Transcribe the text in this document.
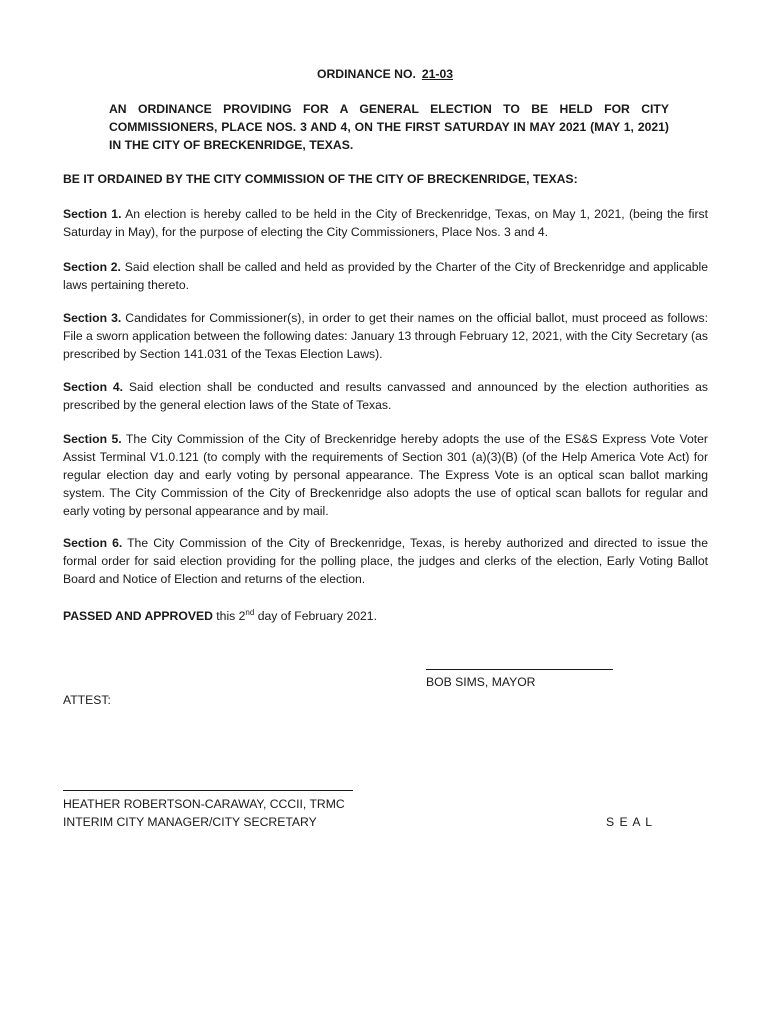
ORDINANCE NO. 21-03
AN ORDINANCE PROVIDING FOR A GENERAL ELECTION TO BE HELD FOR CITY COMMISSIONERS, PLACE NOS. 3 AND 4, ON THE FIRST SATURDAY IN MAY 2021 (MAY 1, 2021) IN THE CITY OF BRECKENRIDGE, TEXAS.
BE IT ORDAINED BY THE CITY COMMISSION OF THE CITY OF BRECKENRIDGE, TEXAS:
Section 1. An election is hereby called to be held in the City of Breckenridge, Texas, on May 1, 2021, (being the first Saturday in May), for the purpose of electing the City Commissioners, Place Nos. 3 and 4.
Section 2. Said election shall be called and held as provided by the Charter of the City of Breckenridge and applicable laws pertaining thereto.
Section 3. Candidates for Commissioner(s), in order to get their names on the official ballot, must proceed as follows: File a sworn application between the following dates: January 13 through February 12, 2021, with the City Secretary (as prescribed by Section 141.031 of the Texas Election Laws).
Section 4. Said election shall be conducted and results canvassed and announced by the election authorities as prescribed by the general election laws of the State of Texas.
Section 5. The City Commission of the City of Breckenridge hereby adopts the use of the ES&S Express Vote Voter Assist Terminal V1.0.121 (to comply with the requirements of Section 301 (a)(3)(B) (of the Help America Vote Act) for regular election day and early voting by personal appearance. The Express Vote is an optical scan ballot marking system. The City Commission of the City of Breckenridge also adopts the use of optical scan ballots for regular and early voting by personal appearance and by mail.
Section 6. The City Commission of the City of Breckenridge, Texas, is hereby authorized and directed to issue the formal order for said election providing for the polling place, the judges and clerks of the election, Early Voting Ballot Board and Notice of Election and returns of the election.
PASSED AND APPROVED this 2nd day of February 2021.
BOB SIMS, MAYOR
ATTEST:
HEATHER ROBERTSON-CARAWAY, CCCII, TRMC
INTERIM CITY MANAGER/CITY SECRETARY	S E A L
